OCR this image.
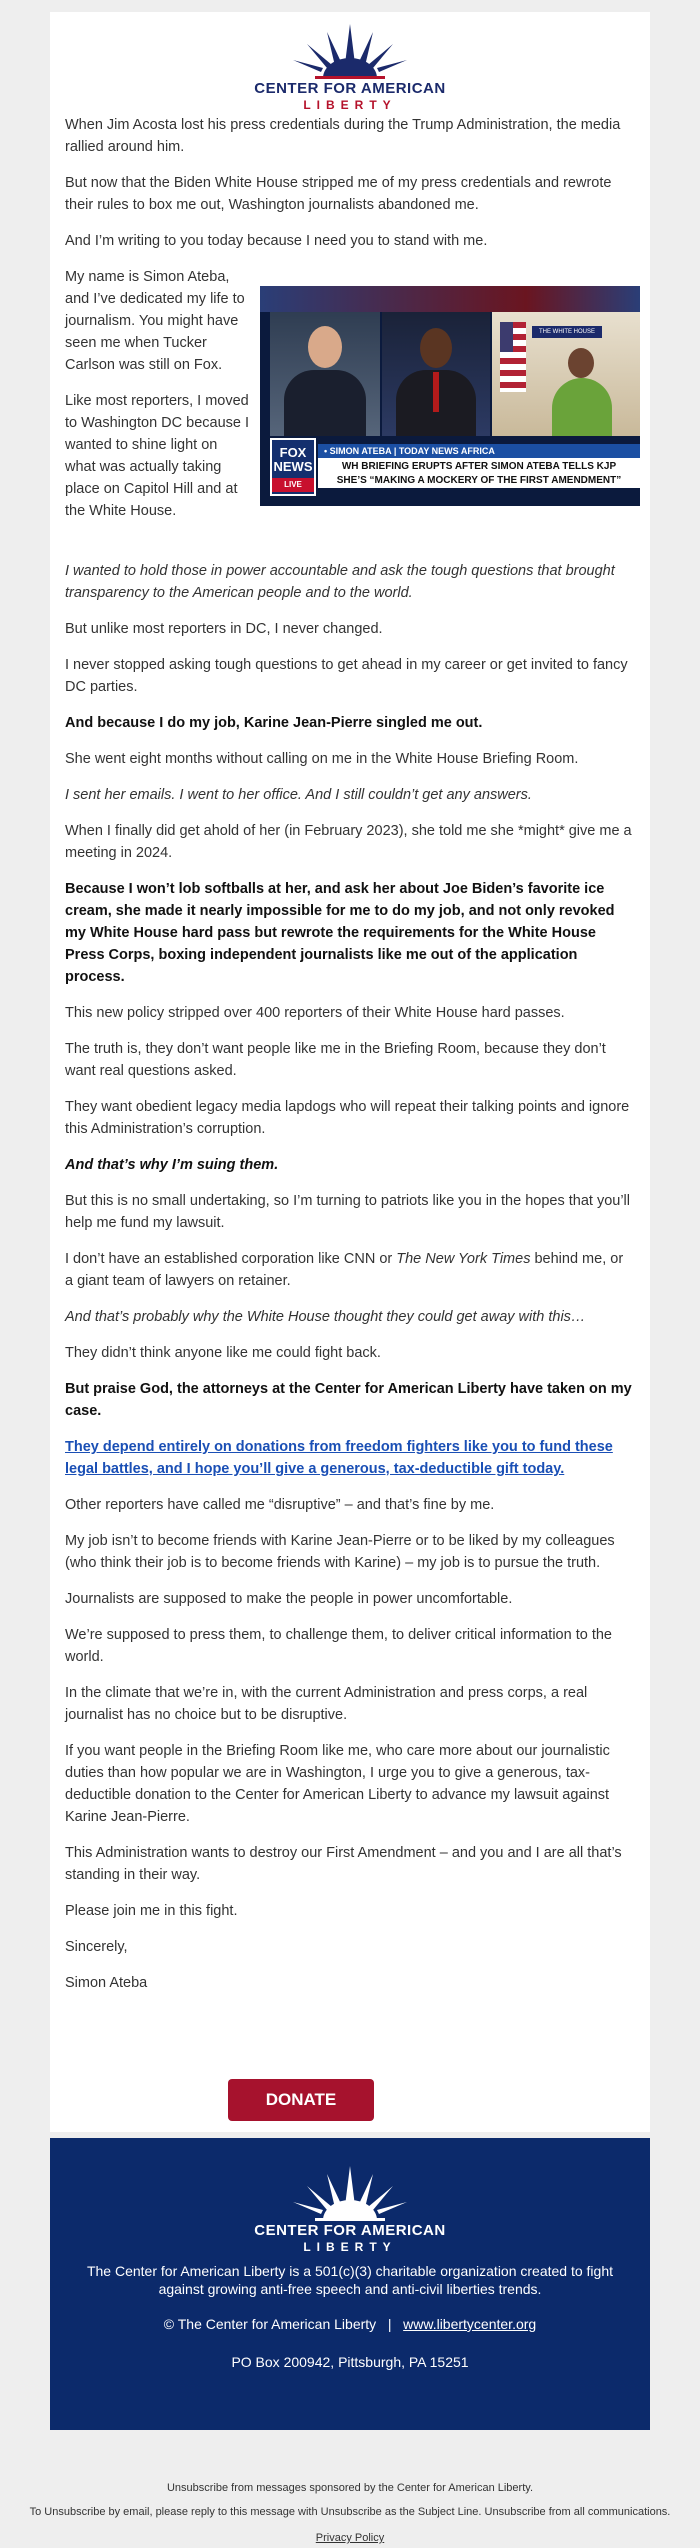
CENTER FOR AMERICAN
LIBERTY

When Jim Acosta lost his press credentials during the Trump Administration, the media rallied around him.

But now that the Biden White House stripped me of my press credentials and rewrote their rules to box me out, Washington journalists abandoned me.

And I’m writing to you today because I need you to stand with me.

My name is Simon Ateba, and I’ve dedicated my life to journalism. You might have seen me when Tucker Carlson was still on Fox.

Like most reporters, I moved to Washington DC because I wanted to shine light on what was actually taking place on Capitol Hill and at the White House.

THE WHITE HOUSE
FOX
NEWS
LIVE
• SIMON ATEBA | TODAY NEWS AFRICA
WH BRIEFING ERUPTS AFTER SIMON ATEBA TELLS KJP
SHE’S “MAKING A MOCKERY OF THE FIRST AMENDMENT”

I wanted to hold those in power accountable and ask the tough questions that brought transparency to the American people and to the world.

But unlike most reporters in DC, I never changed.

I never stopped asking tough questions to get ahead in my career or get invited to fancy DC parties.

And because I do my job, Karine Jean-Pierre singled me out.

She went eight months without calling on me in the White House Briefing Room.

I sent her emails. I went to her office. And I still couldn’t get any answers.

When I finally did get ahold of her (in February 2023), she told me she *might* give me a meeting in 2024.

Because I won’t lob softballs at her, and ask her about Joe Biden’s favorite ice cream, she made it nearly impossible for me to do my job, and not only revoked my White House hard pass but rewrote the requirements for the White House Press Corps, boxing independent journalists like me out of the application process.

This new policy stripped over 400 reporters of their White House hard passes.

The truth is, they don’t want people like me in the Briefing Room, because they don’t want real questions asked.

They want obedient legacy media lapdogs who will repeat their talking points and ignore this Administration’s corruption.

And that’s why I’m suing them.

But this is no small undertaking, so I’m turning to patriots like you in the hopes that you’ll help me fund my lawsuit.

I don’t have an established corporation like CNN or The New York Times behind me, or a giant team of lawyers on retainer.

And that’s probably why the White House thought they could get away with this…

They didn’t think anyone like me could fight back.

But praise God, the attorneys at the Center for American Liberty have taken on my case.

They depend entirely on donations from freedom fighters like you to fund these legal battles, and I hope you’ll give a generous, tax-deductible gift today.

Other reporters have called me “disruptive” – and that’s fine by me.

My job isn’t to become friends with Karine Jean-Pierre or to be liked by my colleagues (who think their job is to become friends with Karine) – my job is to pursue the truth.

Journalists are supposed to make the people in power uncomfortable.

We’re supposed to press them, to challenge them, to deliver critical information to the world.

In the climate that we’re in, with the current Administration and press corps, a real journalist has no choice but to be disruptive.

If you want people in the Briefing Room like me, who care more about our journalistic duties than how popular we are in Washington, I urge you to give a generous, tax-deductible donation to the Center for American Liberty to advance my lawsuit against Karine Jean-Pierre.

This Administration wants to destroy our First Amendment – and you and I are all that’s standing in their way.

Please join me in this fight.

Sincerely,

Simon Ateba

DONATE
CENTER FOR AMERICAN
LIBERTY
The Center for American Liberty is a 501(c)(3) charitable organization created to fight against growing anti-free speech and anti-civil liberties trends.
© The Center for American Liberty | www.libertycenter.org
PO Box 200942, Pittsburgh, PA 15251
Unsubscribe from messages sponsored by the Center for American Liberty.
To Unsubscribe by email, please reply to this message with Unsubscribe as the Subject Line. Unsubscribe from all communications.
Privacy Policy
